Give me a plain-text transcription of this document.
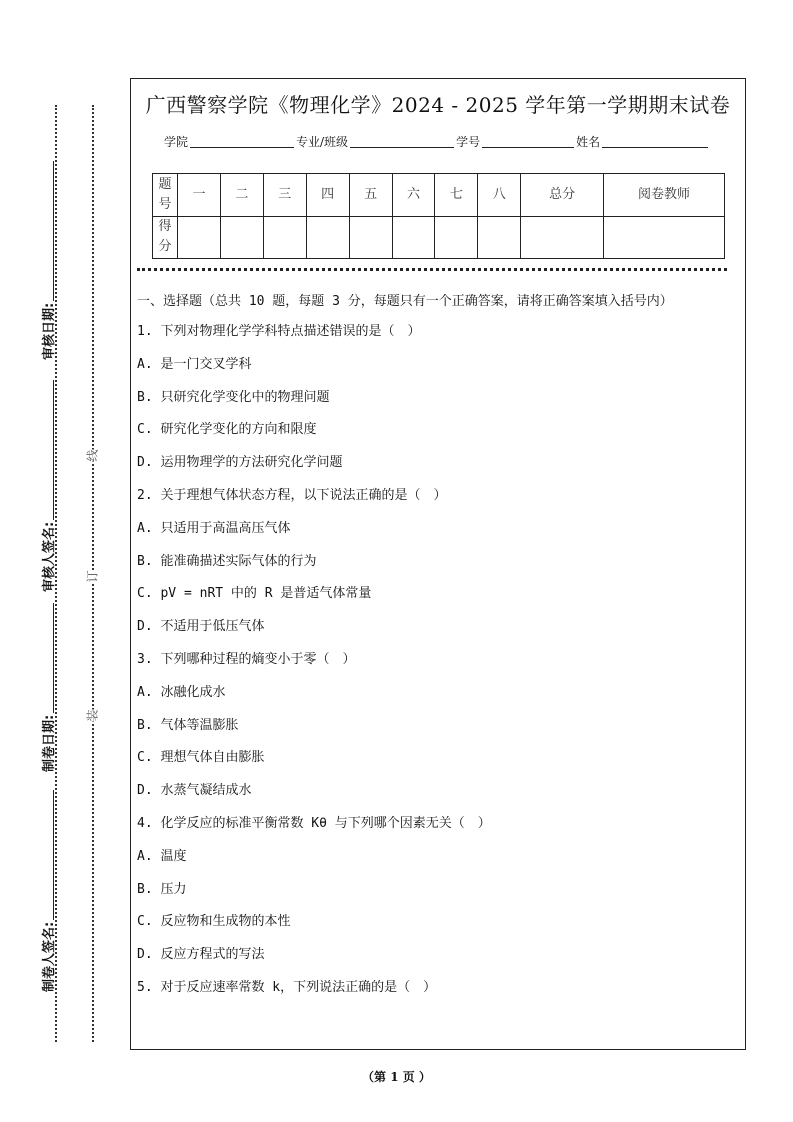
审核日期:
审核人签名:
制卷日期:
制卷人签名:
线
订
装
广西警察学院《物理化学》2024 - 2025 学年第一学期期末试卷
学院	专业/班级	学号	姓名
题号	一	二	三	四	五	六	七	八	总分	阅卷教师
得分										

一、选择题（总共 10 题，每题 3 分，每题只有一个正确答案，请将正确答案填入括号内）

1. 下列对物理化学学科特点描述错误的是（　）

A. 是一门交叉学科

B. 只研究化学变化中的物理问题

C. 研究化学变化的方向和限度

D. 运用物理学的方法研究化学问题

2. 关于理想气体状态方程，以下说法正确的是（　）

A. 只适用于高温高压气体

B. 能准确描述实际气体的行为

C. pV = nRT 中的 R 是普适气体常量

D. 不适用于低压气体

3. 下列哪种过程的熵变小于零（　）

A. 冰融化成水

B. 气体等温膨胀

C. 理想气体自由膨胀

D. 水蒸气凝结成水

4. 化学反应的标准平衡常数 Kθ 与下列哪个因素无关（　）

A. 温度

B. 压力

C. 反应物和生成物的本性

D. 反应方程式的写法

5. 对于反应速率常数 k，下列说法正确的是（　）

（第 1 页 ）
